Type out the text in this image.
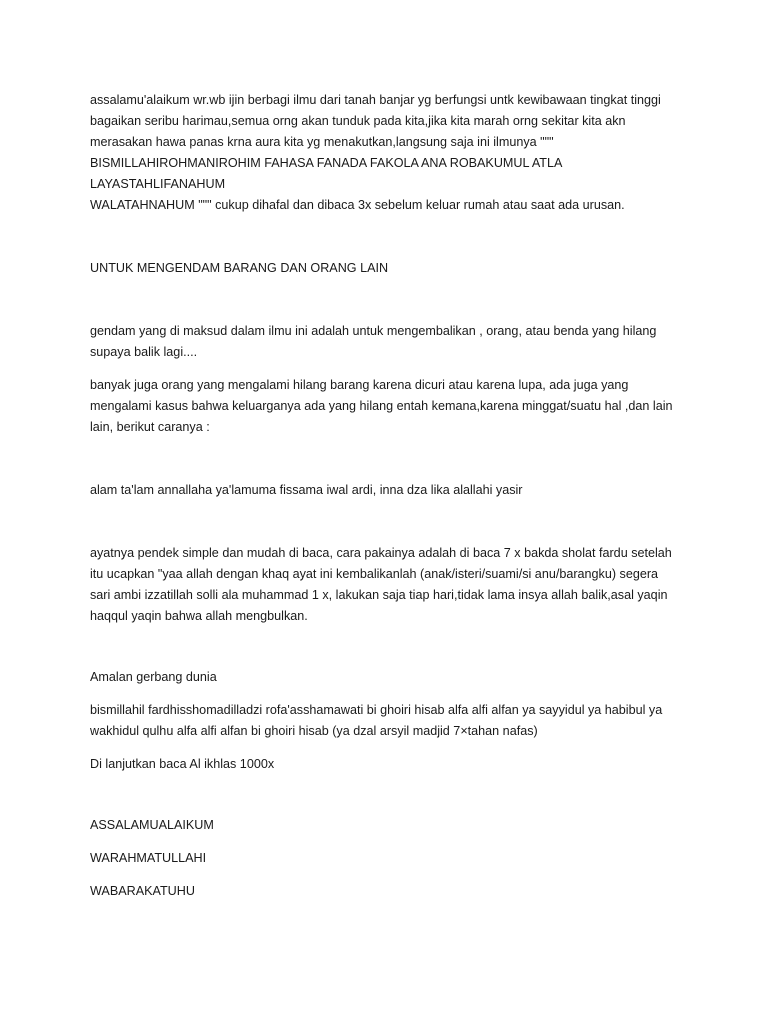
assalamu'alaikum wr.wb ijin berbagi ilmu dari tanah banjar yg berfungsi untk kewibawaan tingkat tinggi
bagaikan seribu harimau,semua orng akan tunduk pada kita,jika kita marah orng sekitar kita akn
merasakan hawa panas krna aura kita yg menakutkan,langsung saja ini ilmunya """
BISMILLAHIROHMANIROHIM FAHASA FANADA FAKOLA ANA ROBAKUMUL ATLA LAYASTAHLIFANAHUM
WALATAHNAHUM """ cukup dihafal dan dibaca 3x sebelum keluar rumah atau saat ada urusan.

UNTUK MENGENDAM BARANG DAN ORANG LAIN

gendam yang di maksud dalam ilmu ini adalah untuk mengembalikan , orang, atau benda yang hilang
supaya balik lagi....

banyak juga orang yang mengalami hilang barang karena dicuri atau karena lupa, ada juga yang
mengalami kasus bahwa keluarganya ada yang hilang entah kemana,karena minggat/suatu hal ,dan lain
lain, berikut caranya :

alam ta'lam annallaha ya'lamuma fissama iwal ardi, inna dza lika alallahi yasir

ayatnya pendek simple dan mudah di baca, cara pakainya adalah di baca 7 x bakda sholat fardu setelah
itu ucapkan "yaa allah dengan khaq ayat ini kembalikanlah (anak/isteri/suami/si anu/barangku) segera
sari ambi izzatillah solli ala muhammad 1 x, lakukan saja tiap hari,tidak lama insya allah balik,asal yaqin
haqqul yaqin bahwa allah mengbulkan.

Amalan gerbang dunia

bismillahil fardhisshomadilladzi rofa'asshamawati bi ghoiri hisab alfa alfi alfan ya sayyidul ya habibul ya
wakhidul qulhu alfa alfi alfan bi ghoiri hisab (ya dzal arsyil madjid 7×tahan nafas)

Di lanjutkan baca Al ikhlas 1000x

ASSALAMUALAIKUM

WARAHMATULLAHI

WABARAKATUHU
